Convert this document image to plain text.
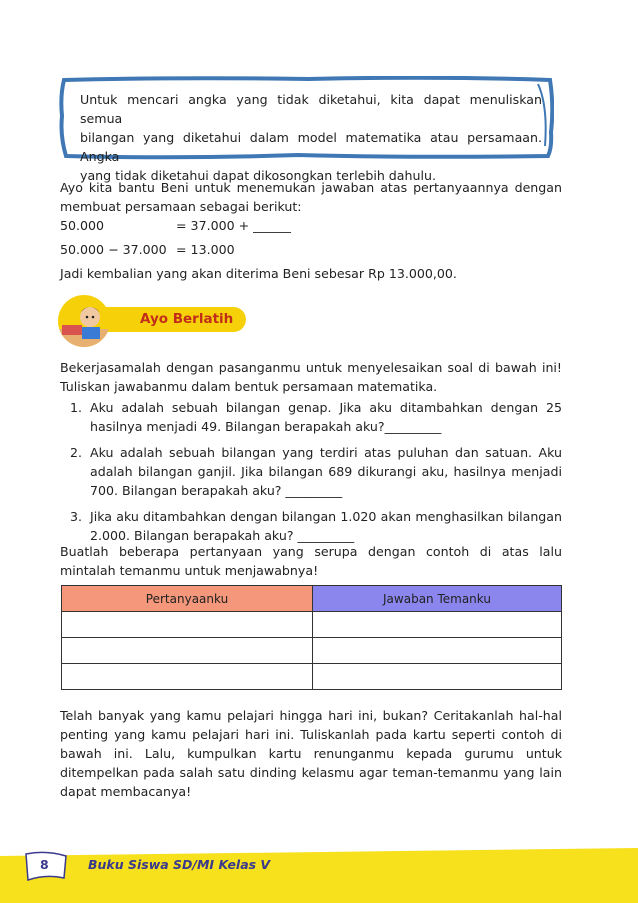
Untuk mencari angka yang tidak diketahui, kita dapat menuliskan semua
bilangan yang diketahui dalam model matematika atau persamaan. Angka
yang tidak diketahui dapat dikosongkan terlebih dahulu.
Ayo kita bantu Beni untuk menemukan jawaban atas pertanyaannya dengan membuat persamaan sebagai berikut:
50.000	= 37.000 + ______
50.000 − 37.000 = 13.000
Jadi kembalian yang akan diterima Beni sebesar Rp 13.000,00.
Ayo Berlatih
Bekerjasamalah dengan pasanganmu untuk menyelesaikan soal di bawah ini! Tuliskan jawabanmu dalam bentuk persamaan matematika.
1. Aku adalah sebuah bilangan genap. Jika aku ditambahkan dengan 25 hasilnya menjadi 49. Bilangan berapakah aku?_________
2. Aku adalah sebuah bilangan yang terdiri atas puluhan dan satuan. Aku adalah bilangan ganjil. Jika bilangan 689 dikurangi aku, hasilnya menjadi 700. Bilangan berapakah aku? _________
3. Jika aku ditambahkan dengan bilangan 1.020 akan menghasilkan bilangan 2.000. Bilangan berapakah aku? _________
Buatlah beberapa pertanyaan yang serupa dengan contoh di atas lalu mintalah temanmu untuk menjawabnya!
Pertanyaanku	Jawaban Temanku

Telah banyak yang kamu pelajari hingga hari ini, bukan? Ceritakanlah hal-hal penting yang kamu pelajari hari ini. Tuliskanlah pada kartu seperti contoh di bawah ini. Lalu, kumpulkan kartu renunganmu kepada gurumu untuk ditempelkan pada salah satu dinding kelasmu agar teman-temanmu yang lain dapat membacanya!
8	Buku Siswa SD/MI Kelas V
